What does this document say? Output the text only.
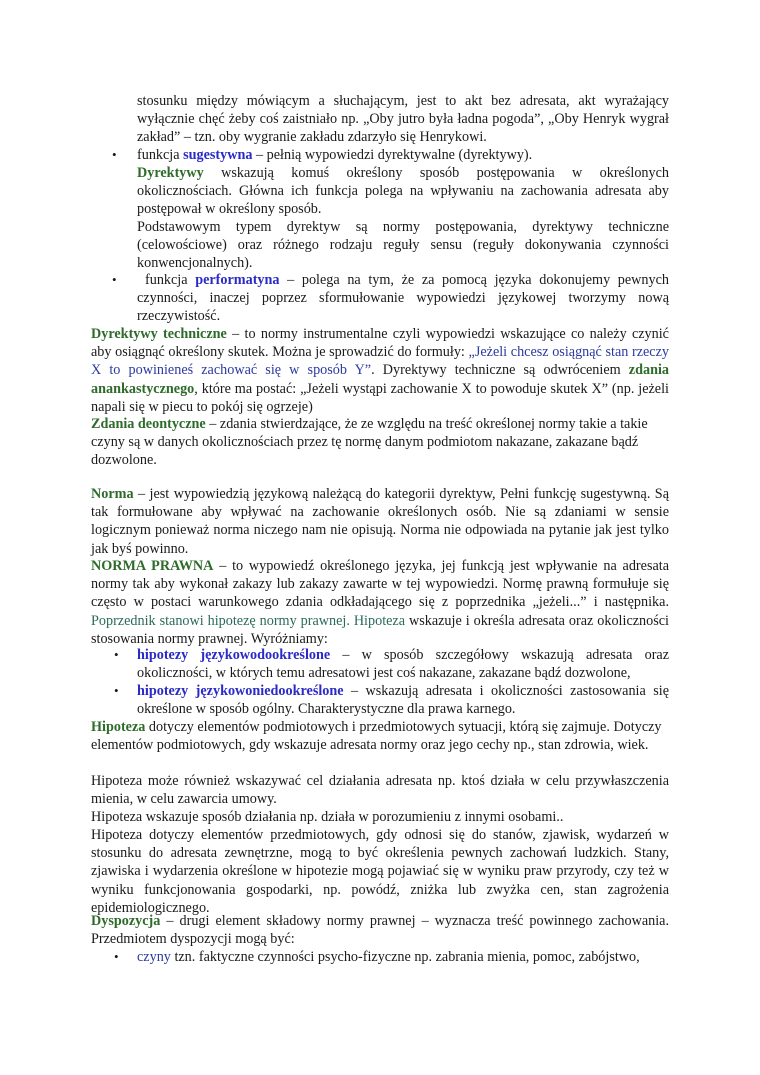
stosunku między mówiącym a słuchającym, jest to akt bez adresata, akt wyrażający wyłącznie chęć żeby coś zaistniało np. „Oby jutro była ładna pogoda”, „Oby Henryk wygrał zakład” – tzn. oby wygranie zakładu zdarzyło się Henrykowi.
• funkcja sugestywna – pełnią wypowiedzi dyrektywalne (dyrektywy).
Dyrektywy wskazują komuś określony sposób postępowania w określonych okolicznościach. Główna ich funkcja polega na wpływaniu na zachowania adresata aby postępował w określony sposób.
Podstawowym typem dyrektyw są normy postępowania, dyrektywy techniczne (celowościowe) oraz różnego rodzaju reguły sensu (reguły dokonywania czynności konwencjonalnych).
•	funkcja performatyna – polega na tym, że za pomocą języka dokonujemy pewnych czynności, inaczej poprzez sformułowanie wypowiedzi językowej tworzymy nową rzeczywistość.
Dyrektywy techniczne – to normy instrumentalne czyli wypowiedzi wskazujące co należy czynić aby osiągnąć określony skutek. Można je sprowadzić do formuły: „Jeżeli chcesz osiągnąć stan rzeczy X to powinieneś zachować się w sposób Y”. Dyrektywy techniczne są odwróceniem zdania anankastycznego, które ma postać: „Jeżeli wystąpi zachowanie X to powoduje skutek X” (np. jeżeli napali się w piecu to pokój się ogrzeje)
Zdania deontyczne – zdania stwierdzające, że ze względu na treść określonej normy takie a takie czyny są w danych okolicznościach przez tę normę danym podmiotom nakazane, zakazane bądź dozwolone.
Norma – jest wypowiedzią językową należącą do kategorii dyrektyw, Pełni funkcję sugestywną. Są tak formułowane aby wpływać na zachowanie określonych osób. Nie są zdaniami w sensie logicznym ponieważ norma niczego nam nie opisują. Norma nie odpowiada na pytanie jak jest tylko jak byś powinno.
NORMA PRAWNA – to wypowiedź określonego języka, jej funkcją jest wpływanie na adresata normy tak aby wykonał zakazy lub zakazy zawarte w tej wypowiedzi. Normę prawną formułuje się często w postaci warunkowego zdania odkładającego się z poprzednika „jeżeli...” i następnika. Poprzednik stanowi hipotezę normy prawnej. Hipoteza wskazuje i określa adresata oraz okoliczności stosowania normy prawnej. Wyróżniamy:
• hipotezy językowodookreślone – w sposób szczegółowy wskazują adresata oraz okoliczności, w których temu adresatowi jest coś nakazane, zakazane bądź dozwolone,
• hipotezy językowoniedookreślone – wskazują adresata i okoliczności zastosowania się określone w sposób ogólny. Charakterystyczne dla prawa karnego.
Hipoteza dotyczy elementów podmiotowych i przedmiotowych sytuacji, którą się zajmuje. Dotyczy elementów podmiotowych, gdy wskazuje adresata normy oraz jego cechy np., stan zdrowia, wiek.
Hipoteza może również wskazywać cel działania adresata np. ktoś działa w celu przywłaszczenia mienia, w celu zawarcia umowy.
Hipoteza wskazuje sposób działania np. działa w porozumieniu z innymi osobami..
Hipoteza dotyczy elementów przedmiotowych, gdy odnosi się do stanów, zjawisk, wydarzeń w stosunku do adresata zewnętrzne, mogą to być określenia pewnych zachowań ludzkich. Stany, zjawiska i wydarzenia określone w hipotezie mogą pojawiać się w wyniku praw przyrody, czy też w wyniku funkcjonowania gospodarki, np. powódź, zniżka lub zwyżka cen, stan zagrożenia epidemiologicznego.
Dyspozycja – drugi element składowy normy prawnej – wyznacza treść powinnego zachowania. Przedmiotem dyspozycji mogą być:
• czyny tzn. faktyczne czynności psycho-fizyczne np. zabrania mienia, pomoc, zabójstwo,
